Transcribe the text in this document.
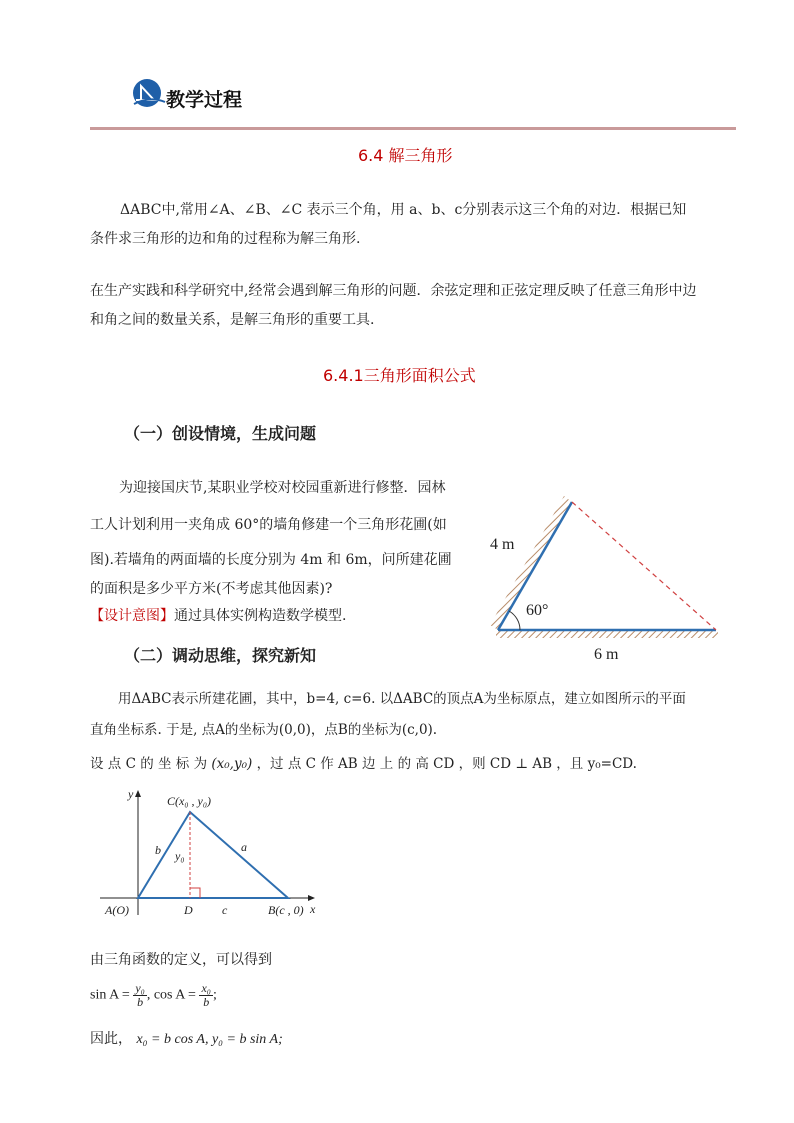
教学过程
6.4 解三角形
ΔABC中,常用∠A、∠B、∠C 表示三个角，用 a、b、c分别表示这三个角的对边．根据已知
条件求三角形的边和角的过程称为解三角形.
在生产实践和科学研究中,经常会遇到解三角形的问题．余弦定理和正弦定理反映了任意三角形中边
和角之间的数量关系，是解三角形的重要工具.
6.4.1三角形面积公式
（一）创设情境，生成问题
为迎接国庆节,某职业学校对校园重新进行修整．园林
工人计划利用一夹角成 60°的墙角修建一个三角形花圃(如
图).若墙角的两面墙的长度分别为 4m 和 6m，问所建花圃
的面积是多少平方米(不考虑其他因素)?
【设计意图】通过具体实例构造数学模型.
4 m
60°
6 m
（二）调动思维，探究新知
用ΔABC表示所建花圃，其中，b=4, c=6. 以ΔABC的顶点A为坐标原点，建立如图所示的平面
直角坐标系. 于是, 点A的坐标为(0,0)，点B的坐标为(c,0).
设 点 C 的 坐 标 为 (x₀,y₀) ，过 点 C 作 AB 边 上 的 高 CD ，则 CD ⊥ AB ，且 y₀=CD.
y
x
C(x₀ , y₀)
b y₀
a
A(O)	D c	B(c , 0)
由三角函数的定义，可以得到
$\sin A = \frac{\text{y₀}}{b}$ , $\cos A = \frac{\text{x₀}}{b}$ ;
因此， x₀ = b cos A, y₀ = b sin A;
